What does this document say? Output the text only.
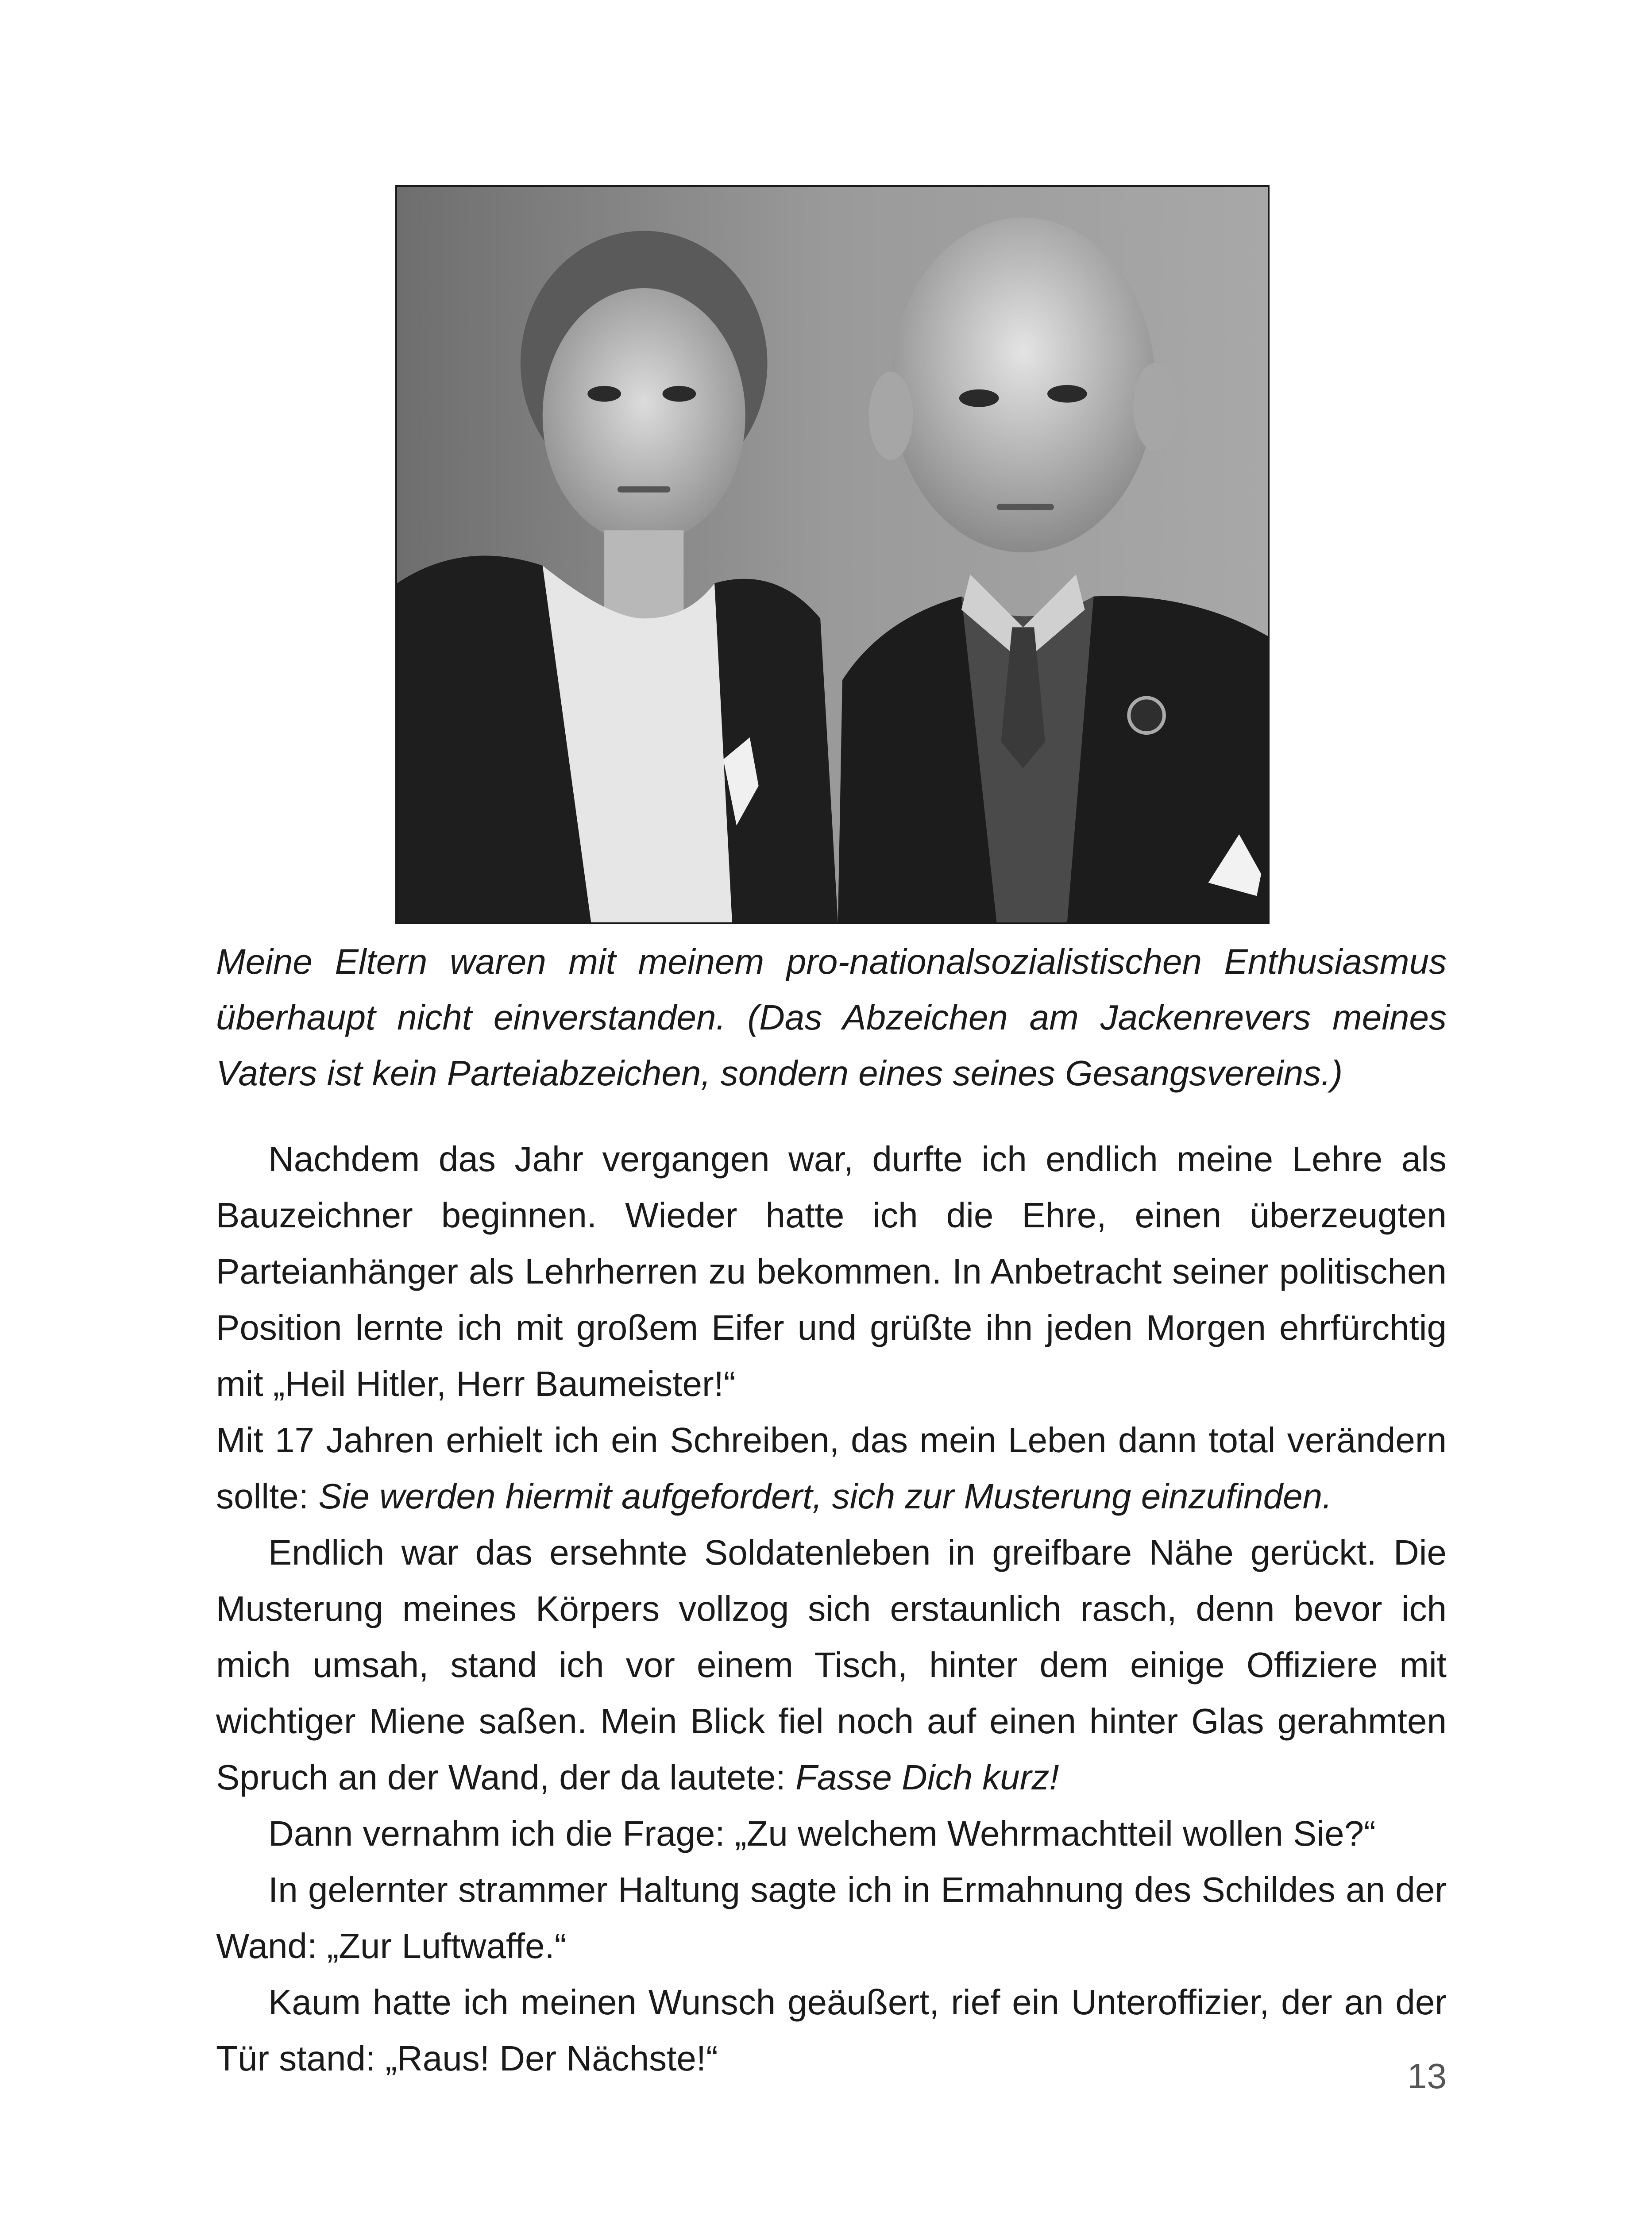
Meine Eltern waren mit meinem pro-nationalsozialistischen Enthusiasmus überhaupt nicht einverstanden. (Das Abzeichen am Jackenrevers meines Vaters ist kein Parteiabzeichen, sondern eines seines Gesangsvereins.)

Nachdem das Jahr vergangen war, durfte ich endlich meine Lehre als Bauzeichner beginnen. Wieder hatte ich die Ehre, einen überzeugten Parteianhänger als Lehrherren zu bekommen. In Anbetracht seiner politischen Position lernte ich mit großem Eifer und grüßte ihn jeden Morgen ehrfürchtig mit „Heil Hitler, Herr Baumeister!“

Mit 17 Jahren erhielt ich ein Schreiben, das mein Leben dann total verändern sollte: Sie werden hiermit aufgefordert, sich zur Musterung einzufinden.

Endlich war das ersehnte Soldatenleben in greifbare Nähe gerückt. Die Musterung meines Körpers vollzog sich erstaunlich rasch, denn bevor ich mich umsah, stand ich vor einem Tisch, hinter dem einige Offiziere mit wichtiger Miene saßen. Mein Blick fiel noch auf einen hinter Glas gerahmten Spruch an der Wand, der da lautete: Fasse Dich kurz!

Dann vernahm ich die Frage: „Zu welchem Wehrmachtteil wollen Sie?“

In gelernter strammer Haltung sagte ich in Ermahnung des Schildes an der Wand: „Zur Luftwaffe.“

Kaum hatte ich meinen Wunsch geäußert, rief ein Unteroffizier, der an der Tür stand: „Raus! Der Nächste!“	13
